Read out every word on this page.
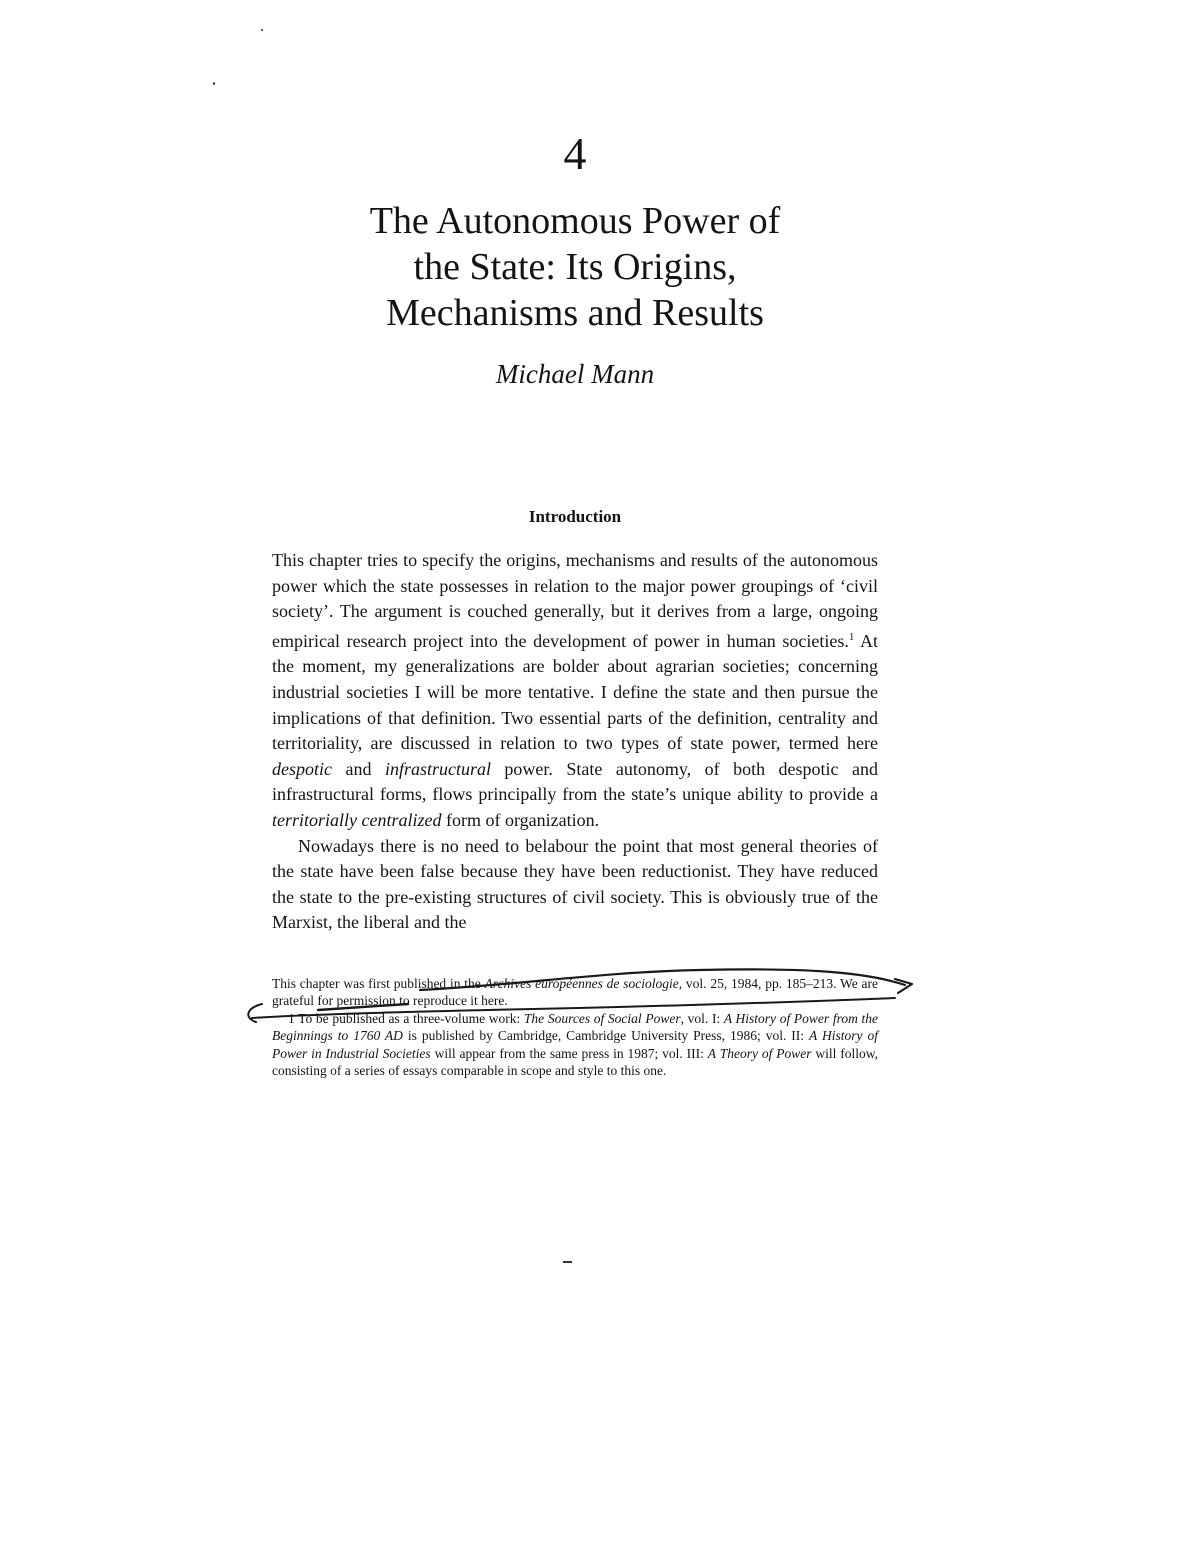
4
The Autonomous Power of
the State: Its Origins,
Mechanisms and Results
Michael Mann
Introduction

This chapter tries to specify the origins, mechanisms and results of the autonomous power which the state possesses in relation to the major power groupings of ‘civil society’. The argument is couched generally, but it derives from a large, ongoing empirical research project into the development of power in human societies.$^1$ At the moment, my generalizations are bolder about agrarian societies; concerning industrial societies I will be more tentative. I define the state and then pursue the implications of that definition. Two essential parts of the definition, centrality and territoriality, are discussed in relation to two types of state power, termed here despotic and infrastructural power. State autonomy, of both despotic and infrastructural forms, flows principally from the state’s unique ability to provide a territorially centralized form of organization.

Nowadays there is no need to belabour the point that most general theories of the state have been false because they have been reductionist. They have reduced the state to the pre-existing structures of civil society. This is obviously true of the Marxist, the liberal and the

This chapter was first published in the Archives européennes de sociologie, vol. 25, 1984, pp. 185–213. We are grateful for permission to reproduce it here.

1 To be published as a three-volume work: The Sources of Social Power, vol. I: A History of Power from the Beginnings to 1760 AD is published by Cambridge, Cambridge University Press, 1986; vol. II: A History of Power in Industrial Societies will appear from the same press in 1987; vol. III: A Theory of Power will follow, consisting of a series of essays comparable in scope and style to this one.
